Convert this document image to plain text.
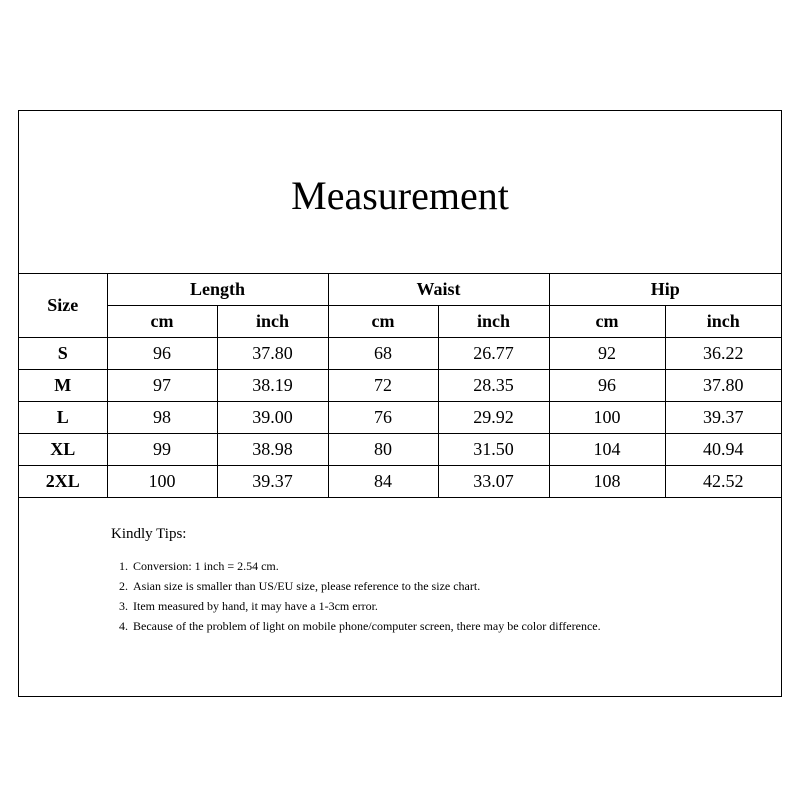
Measurement
Size	Length		Waist		Hip	
	cm	inch	cm	inch	cm	inch
S	96	37.80	68	26.77	92	36.22
M	97	38.19	72	28.35	96	37.80
L	98	39.00	76	29.92	100	39.37
XL	99	38.98	80	31.50	104	40.94
2XL	100	39.37	84	33.07	108	42.52
Kindly Tips:
1. Conversion: 1 inch = 2.54 cm.
2. Asian size is smaller than US/EU size, please reference to the size chart.
3. Item measured by hand, it may have a 1-3cm error.
4. Because of the problem of light on mobile phone/computer screen, there may be color difference.
